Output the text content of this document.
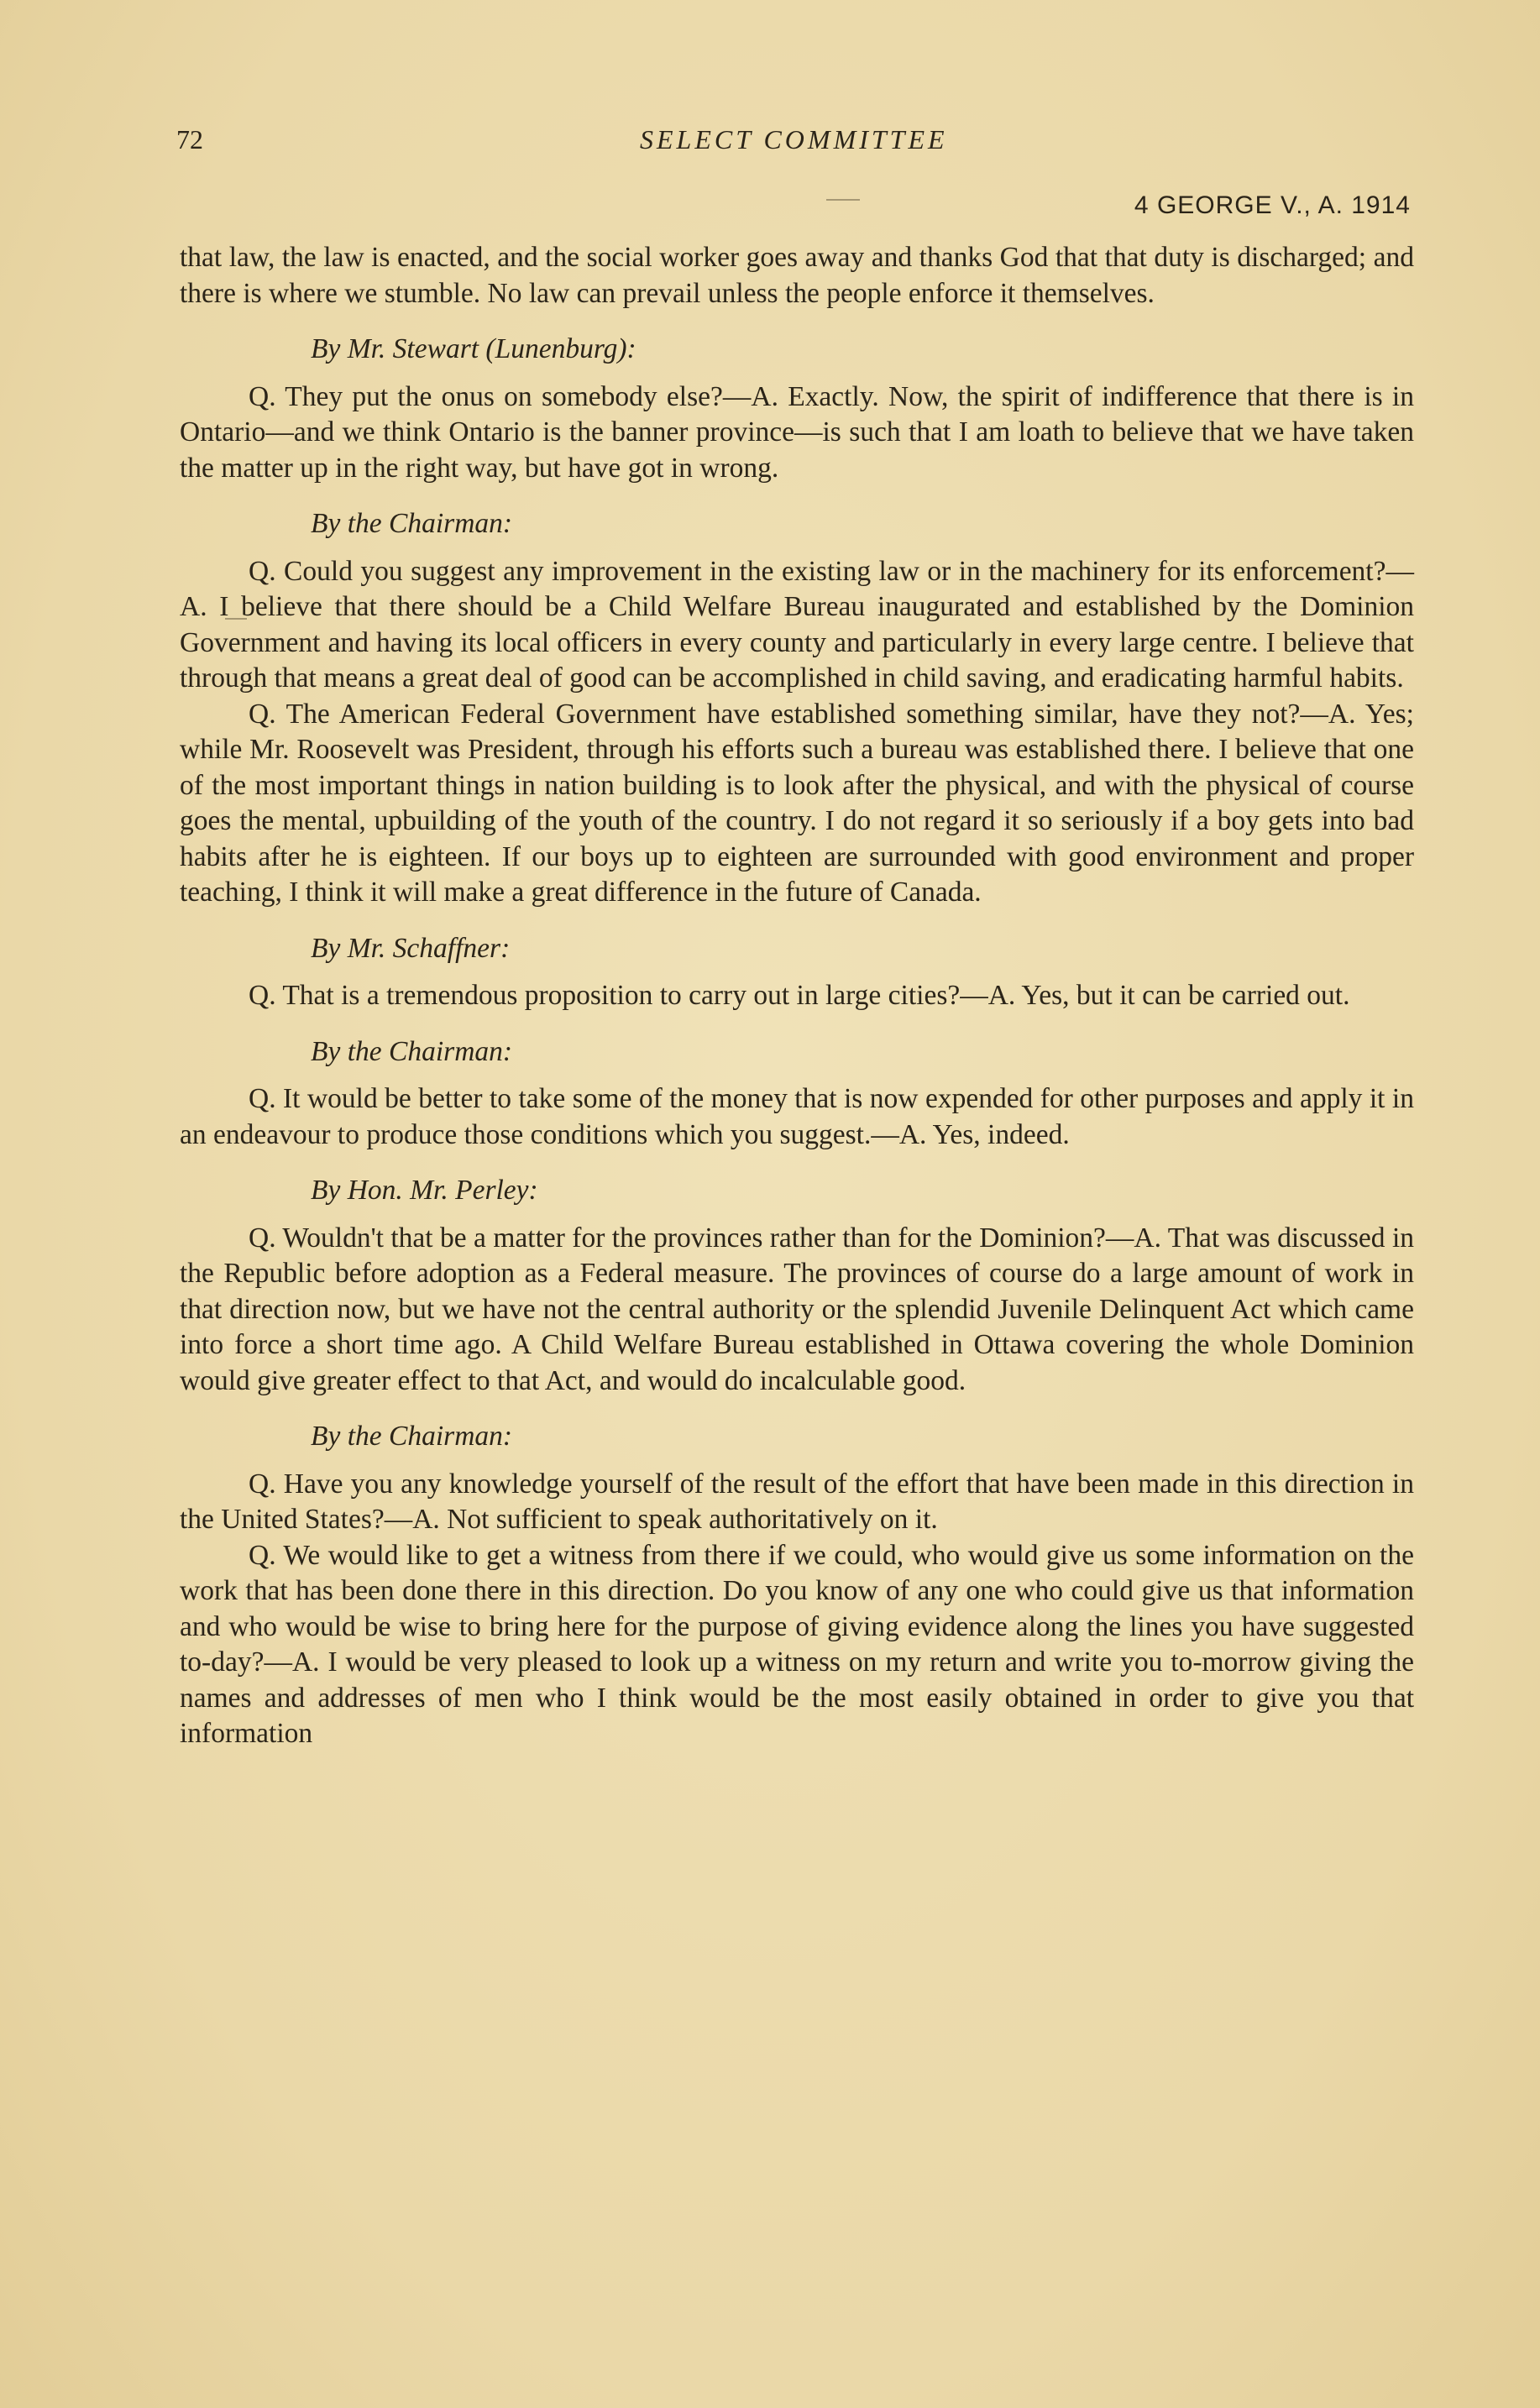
72	SELECT COMMITTEE
4 GEORGE V., A. 1914

that law, the law is enacted, and the social worker goes away and thanks God that that duty is discharged; and there is where we stumble. No law can prevail unless the people enforce it themselves.

By Mr. Stewart (Lunenburg):

Q. They put the onus on somebody else?—A. Exactly. Now, the spirit of indifference that there is in Ontario—and we think Ontario is the banner province—is such that I am loath to believe that we have taken the matter up in the right way, but have got in wrong.

By the Chairman:

Q. Could you suggest any improvement in the existing law or in the machinery for its enforcement?—A. I believe that there should be a Child Welfare Bureau inaugurated and established by the Dominion Government and having its local officers in every county and particularly in every large centre. I believe that through that means a great deal of good can be accomplished in child saving, and eradicating harmful habits.

Q. The American Federal Government have established something similar, have they not?—A. Yes; while Mr. Roosevelt was President, through his efforts such a bureau was established there. I believe that one of the most important things in nation building is to look after the physical, and with the physical of course goes the mental, upbuilding of the youth of the country. I do not regard it so seriously if a boy gets into bad habits after he is eighteen. If our boys up to eighteen are surrounded with good environment and proper teaching, I think it will make a great difference in the future of Canada.

By Mr. Schaffner:

Q. That is a tremendous proposition to carry out in large cities?—A. Yes, but it can be carried out.

By the Chairman:

Q. It would be better to take some of the money that is now expended for other purposes and apply it in an endeavour to produce those conditions which you suggest.—A. Yes, indeed.

By Hon. Mr. Perley:

Q. Wouldn't that be a matter for the provinces rather than for the Dominion?—A. That was discussed in the Republic before adoption as a Federal measure. The provinces of course do a large amount of work in that direction now, but we have not the central authority or the splendid Juvenile Delinquent Act which came into force a short time ago. A Child Welfare Bureau established in Ottawa covering the whole Dominion would give greater effect to that Act, and would do incalculable good.

By the Chairman:

Q. Have you any knowledge yourself of the result of the effort that have been made in this direction in the United States?—A. Not sufficient to speak authoritatively on it.

Q. We would like to get a witness from there if we could, who would give us some information on the work that has been done there in this direction. Do you know of any one who could give us that information and who would be wise to bring here for the purpose of giving evidence along the lines you have suggested to-day?—A. I would be very pleased to look up a witness on my return and write you to-morrow giving the names and addresses of men who I think would be the most easily obtained in order to give you that information
